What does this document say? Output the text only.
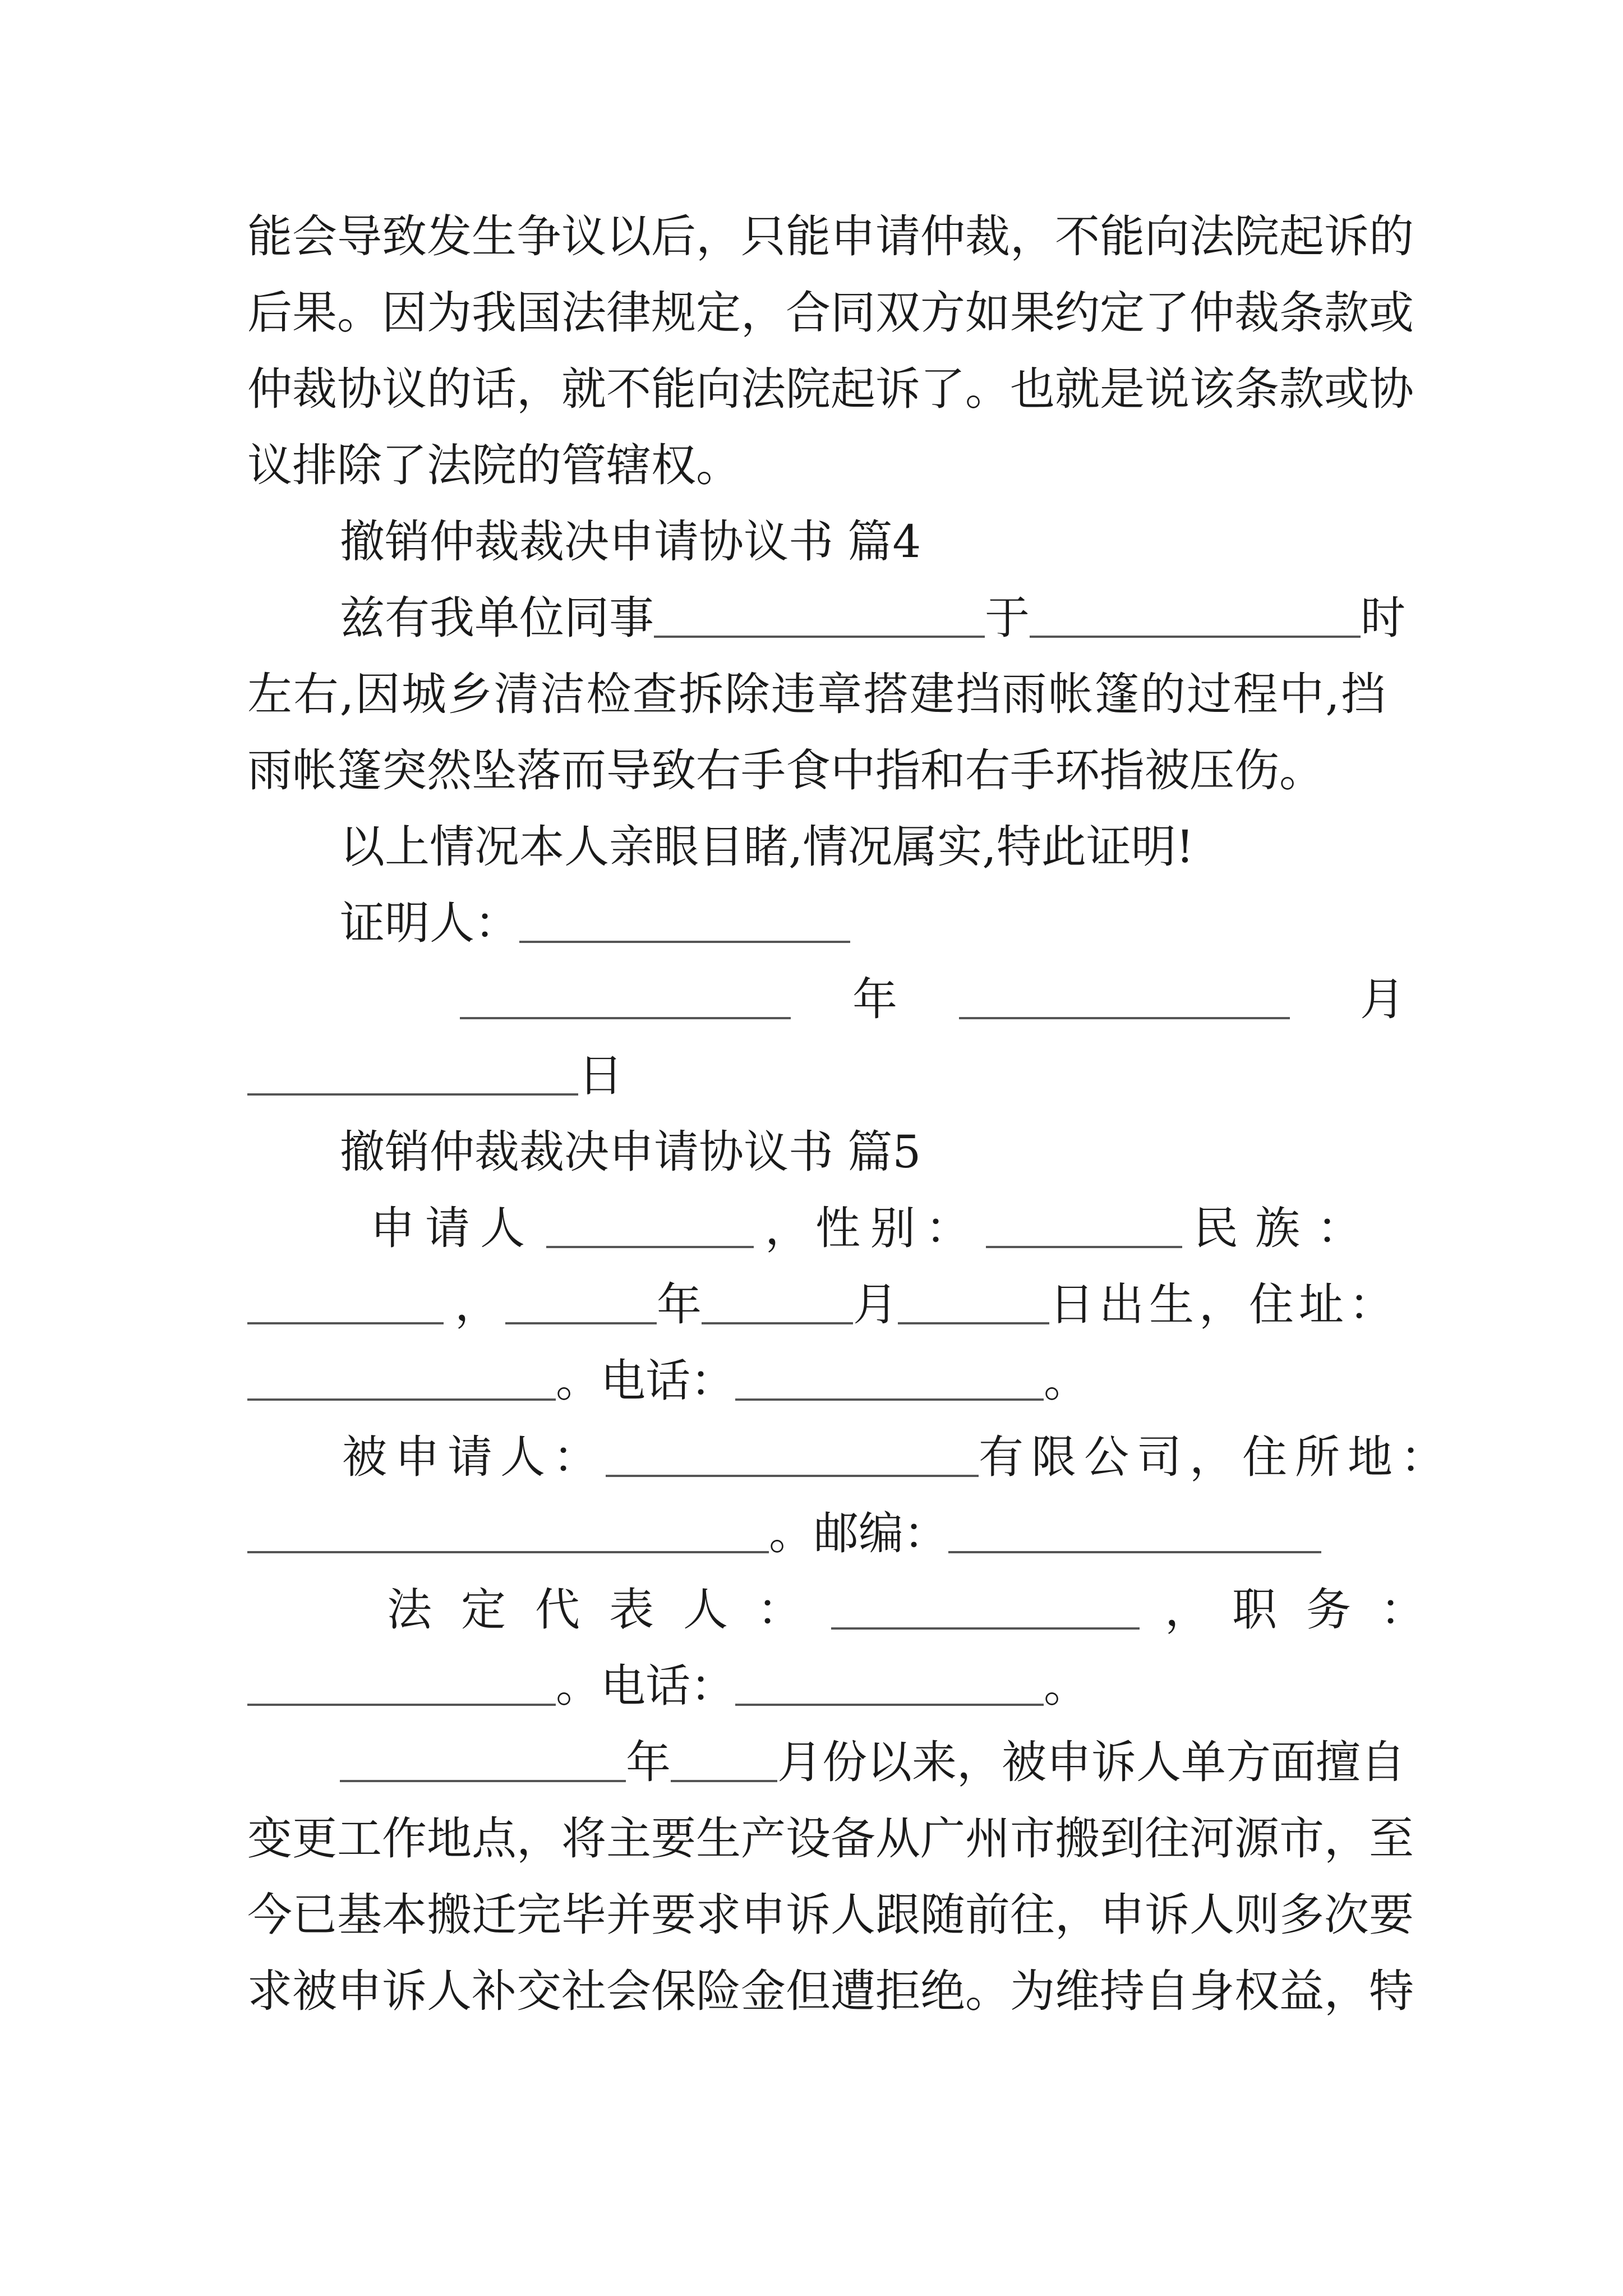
能会导致发生争议以后，只能申请仲裁，不能向法院起诉的
后果。因为我国法律规定，合同双方如果约定了仲裁条款或
仲裁协议的话，就不能向法院起诉了。也就是说该条款或协
议排除了法院的管辖权。
撤销仲裁裁决申请协议书 篇4
兹有我单位同事	于	时
左右,因城乡清洁检查拆除违章搭建挡雨帐篷的过程中,挡
雨帐篷突然坠落而导致右手食中指和右手环指被压伤。
以上情况本人亲眼目睹,情况属实,特此证明!
证明人：
年	月
日
撤销仲裁裁决申请协议书 篇5
申请人	， 性别：	民族：
，	年	月	日出生，住址：
。电话：	。
被申请人：	有限公司，住所地：
。邮编：
法定代表人：	， 职务：
。电话：	。
年 月份以来，被申诉人单方面擅自
变更工作地点，将主要生产设备从广州市搬到往河源市，至
今已基本搬迁完毕并要求申诉人跟随前往，申诉人则多次要
求被申诉人补交社会保险金但遭拒绝。为维持自身权益，特
